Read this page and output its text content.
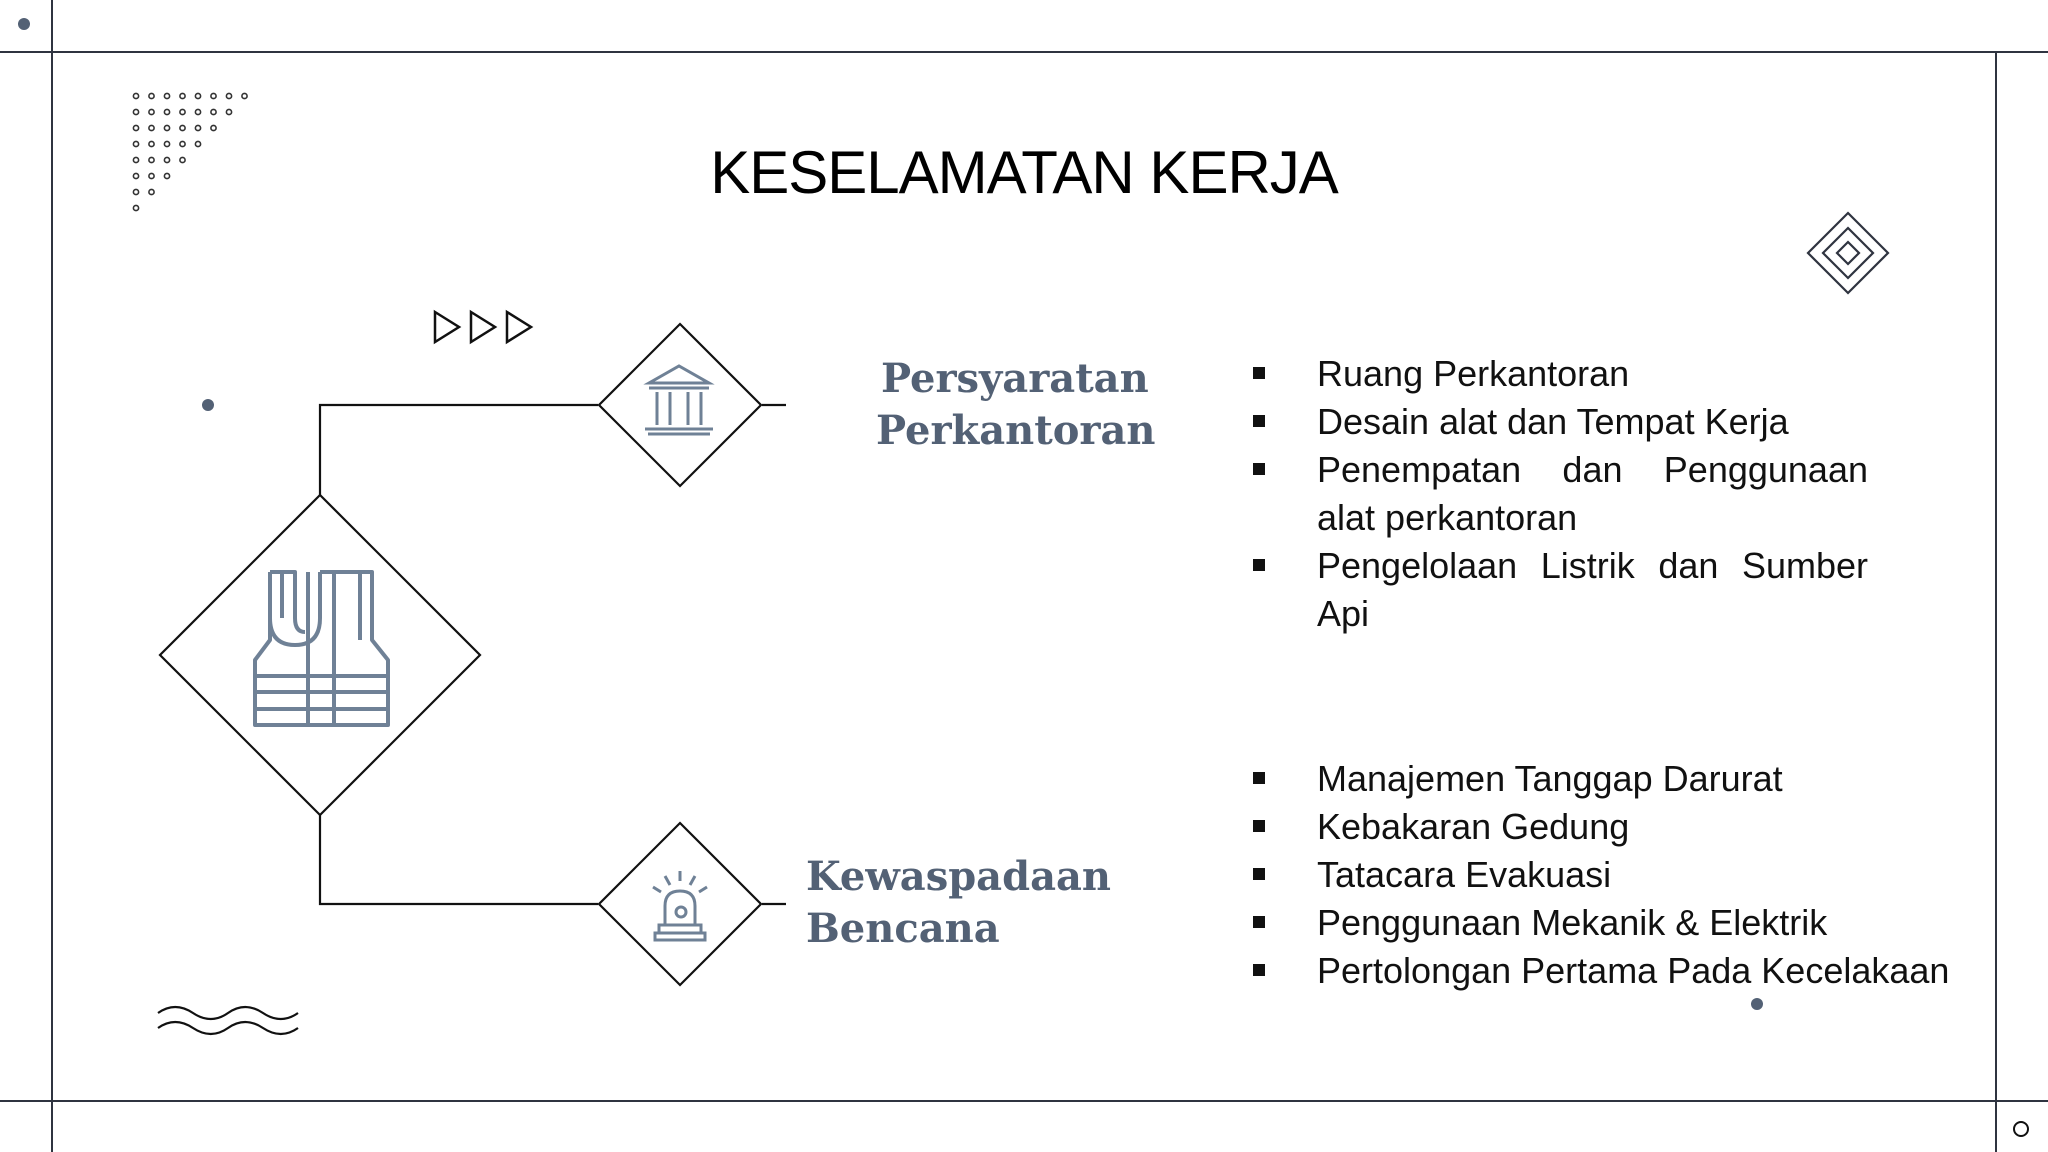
KESELAMATAN KERJA
Persyaratan
Perkantoran
Kewaspadaan
Bencana
Ruang Perkantoran
Desain alat dan Tempat Kerja
Penempatan dan Penggunaan alat perkantoran
Pengelolaan Listrik dan Sumber Api
Manajemen Tanggap Darurat
Kebakaran Gedung
Tatacara Evakuasi
Penggunaan Mekanik & Elektrik
Pertolongan Pertama Pada Kecelakaan
